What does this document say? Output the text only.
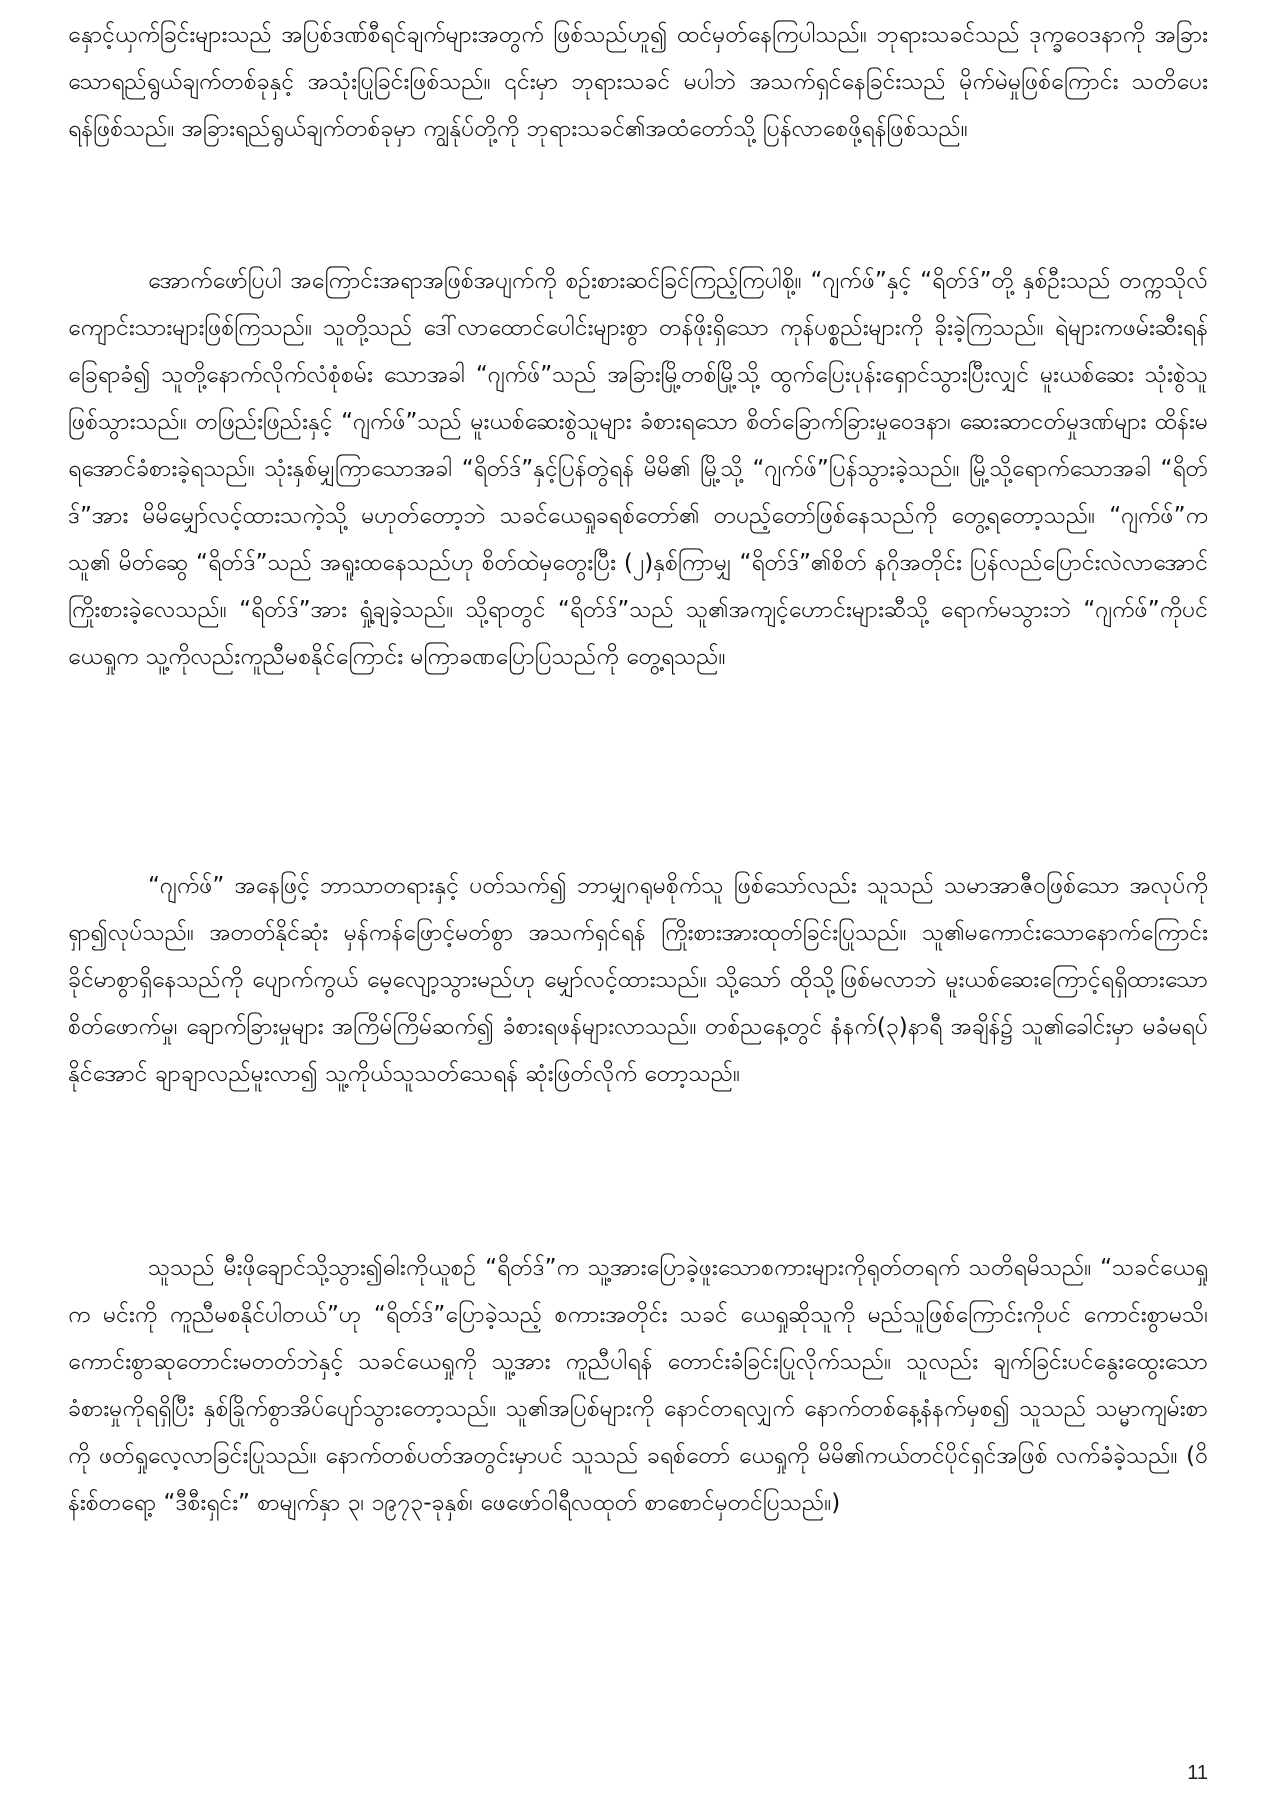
နှောင့်ယှက်ခြင်းများသည် အပြစ်ဒဏ်စီရင်ချက်များအတွက် ဖြစ်သည်ဟူ၍ ထင်မှတ်နေကြပါသည်။ ဘုရားသခင်သည် ဒုက္ခဝေဒနာကို အခြားသောရည်ရွယ်ချက်တစ်ခုနှင့် အသုံးပြုခြင်းဖြစ်သည်။ ၎င်းမှာ ဘုရားသခင် မပါဘဲ အသက်ရှင်နေခြင်းသည် မိုက်မဲမှုဖြစ်ကြောင်း သတိပေးရန်ဖြစ်သည်။ အခြားရည်ရွယ်ချက်တစ်ခုမှာ ကျွန်ုပ်တို့ကို ဘုရားသခင်၏အထံတော်သို့ ပြန်လာစေဖို့ရန်ဖြစ်သည်။

အောက်ဖော်ပြပါ အကြောင်းအရာအဖြစ်အပျက်ကို စဉ်းစားဆင်ခြင်ကြည့်ကြပါစို့။ “ဂျက်ဖ်”နှင့် “ရိတ်ဒ်”တို့ နှစ်ဦးသည် တက္ကသိုလ်ကျောင်းသားများဖြစ်ကြသည်။ သူတို့သည် ဒေါ်လာထောင်ပေါင်းများစွာ တန်ဖိုးရှိသော ကုန်ပစ္စည်းများကို ခိုးခဲ့ကြသည်။ ရဲများကဖမ်းဆီးရန် ခြေရာခံ၍ သူတို့နောက်လိုက်လံစုံစမ်း သောအခါ “ဂျက်ဖ်”သည် အခြားမြို့တစ်မြို့သို့ ထွက်ပြေးပုန်းရှောင်သွားပြီးလျှင် မူးယစ်ဆေး သုံးစွဲသူဖြစ်သွားသည်။ တဖြည်းဖြည်းနှင့် “ဂျက်ဖ်”သည် မူးယစ်ဆေးစွဲသူများ ခံစားရသော စိတ်ခြောက်ခြားမှုဝေဒနာ၊ ဆေးဆာငတ်မှုဒဏ်များ ထိန်းမရအောင်ခံစားခဲ့ရသည်။ သုံးနှစ်မျှကြာသောအခါ “ရိတ်ဒ်”နှင့်ပြန်တွဲရန် မိမိ၏ မြို့သို့ “ဂျက်ဖ်”ပြန်သွားခဲ့သည်။ မြို့သို့ရောက်သောအခါ “ရိတ်ဒ်”အား မိမိမျှော်လင့်ထားသကဲ့သို့ မဟုတ်တော့ဘဲ သခင်ယေရှုခရစ်တော်၏ တပည့်တော်ဖြစ်နေသည်ကို တွေ့ရတော့သည်။ “ဂျက်ဖ်”က သူ၏ မိတ်ဆွေ “ရိတ်ဒ်”သည် အရူးထနေသည်ဟု စိတ်ထဲမှတွေးပြီး (၂)နှစ်ကြာမျှ “ရိတ်ဒ်”၏စိတ် နဂိုအတိုင်း ပြန်လည်ပြောင်းလဲလာအောင် ကြိုးစားခဲ့လေသည်။ “ရိတ်ဒ်”အား ရှုံ့ချခဲ့သည်။ သို့ရာတွင် “ရိတ်ဒ်”သည် သူ၏အကျင့်ဟောင်းများဆီသို့ ရောက်မသွားဘဲ “ဂျက်ဖ်”ကိုပင် ယေရှုက သူ့ကိုလည်းကူညီမစနိုင်ကြောင်း မကြာခဏပြောပြသည်ကို တွေ့ရသည်။

“ဂျက်ဖ်” အနေဖြင့် ဘာသာတရားနှင့် ပတ်သက်၍ ဘာမျှဂရုမစိုက်သူ ဖြစ်သော်လည်း သူသည် သမာအာဇီဝဖြစ်သော အလုပ်ကို ရှာ၍လုပ်သည်။ အတတ်နိုင်ဆုံး မှန်ကန်ဖြောင့်မတ်စွာ အသက်ရှင်ရန် ကြိုးစားအားထုတ်ခြင်းပြုသည်။ သူ၏မကောင်းသောနောက်ကြောင်း ခိုင်မာစွာရှိနေသည်ကို ပျောက်ကွယ် မေ့လျော့သွားမည်ဟု မျှော်လင့်ထားသည်။ သို့သော် ထိုသို့ဖြစ်မလာဘဲ မူးယစ်ဆေးကြောင့်ရရှိထားသော စိတ်ဖောက်မှု၊ ချောက်ခြားမှုများ အကြိမ်ကြိမ်ဆက်၍ ခံစားရဖန်များလာသည်။ တစ်ညနေ့တွင် နံနက်(၃)နာရီ အချိန်၌ သူ၏ခေါင်းမှာ မခံမရပ်နိုင်အောင် ချာချာလည်မူးလာ၍ သူ့ကိုယ်သူသတ်သေရန် ဆုံးဖြတ်လိုက် တော့သည်။

သူသည် မီးဖိုချောင်သို့သွား၍ဓါးကိုယူစဉ် “ရိတ်ဒ်”က သူ့အားပြောခဲ့ဖူးသောစကားများကိုရုတ်တရက် သတိရမိသည်။ “သခင်ယေရှုက မင်းကို ကူညီမစနိုင်ပါတယ်”ဟု “ရိတ်ဒ်”ပြောခဲ့သည့် စကားအတိုင်း သခင် ယေရှုဆိုသူကို မည်သူဖြစ်ကြောင်းကိုပင် ကောင်းစွာမသိ၊ ကောင်းစွာဆုတောင်းမတတ်ဘဲနှင့် သခင်ယေရှုကို သူ့အား ကူညီပါရန် တောင်းခံခြင်းပြုလိုက်သည်။ သူလည်း ချက်ခြင်းပင်နွေးထွေးသော ခံစားမှုကိုရရှိပြီး နှစ်ခြိုက်စွာအိပ်ပျော်သွားတော့သည်။ သူ၏အပြစ်များကို နောင်တရလျှက် နောက်တစ်နေ့နံနက်မှစ၍ သူသည် သမ္မာကျမ်းစာကို ဖတ်ရှုလေ့လာခြင်းပြုသည်။ နောက်တစ်ပတ်အတွင်းမှာပင် သူသည် ခရစ်တော် ယေရှုကို မိမိ၏ကယ်တင်ပိုင်ရှင်အဖြစ် လက်ခံခဲ့သည်။ (ဝိန်းစ်တရော့ “ဒီစီးရှင်း” စာမျက်နှာ ၃၊ ၁၉၇၃-ခုနှစ်၊ ဖေဖော်ဝါရီလထုတ် စာစောင်မှတင်ပြသည်။)

11
